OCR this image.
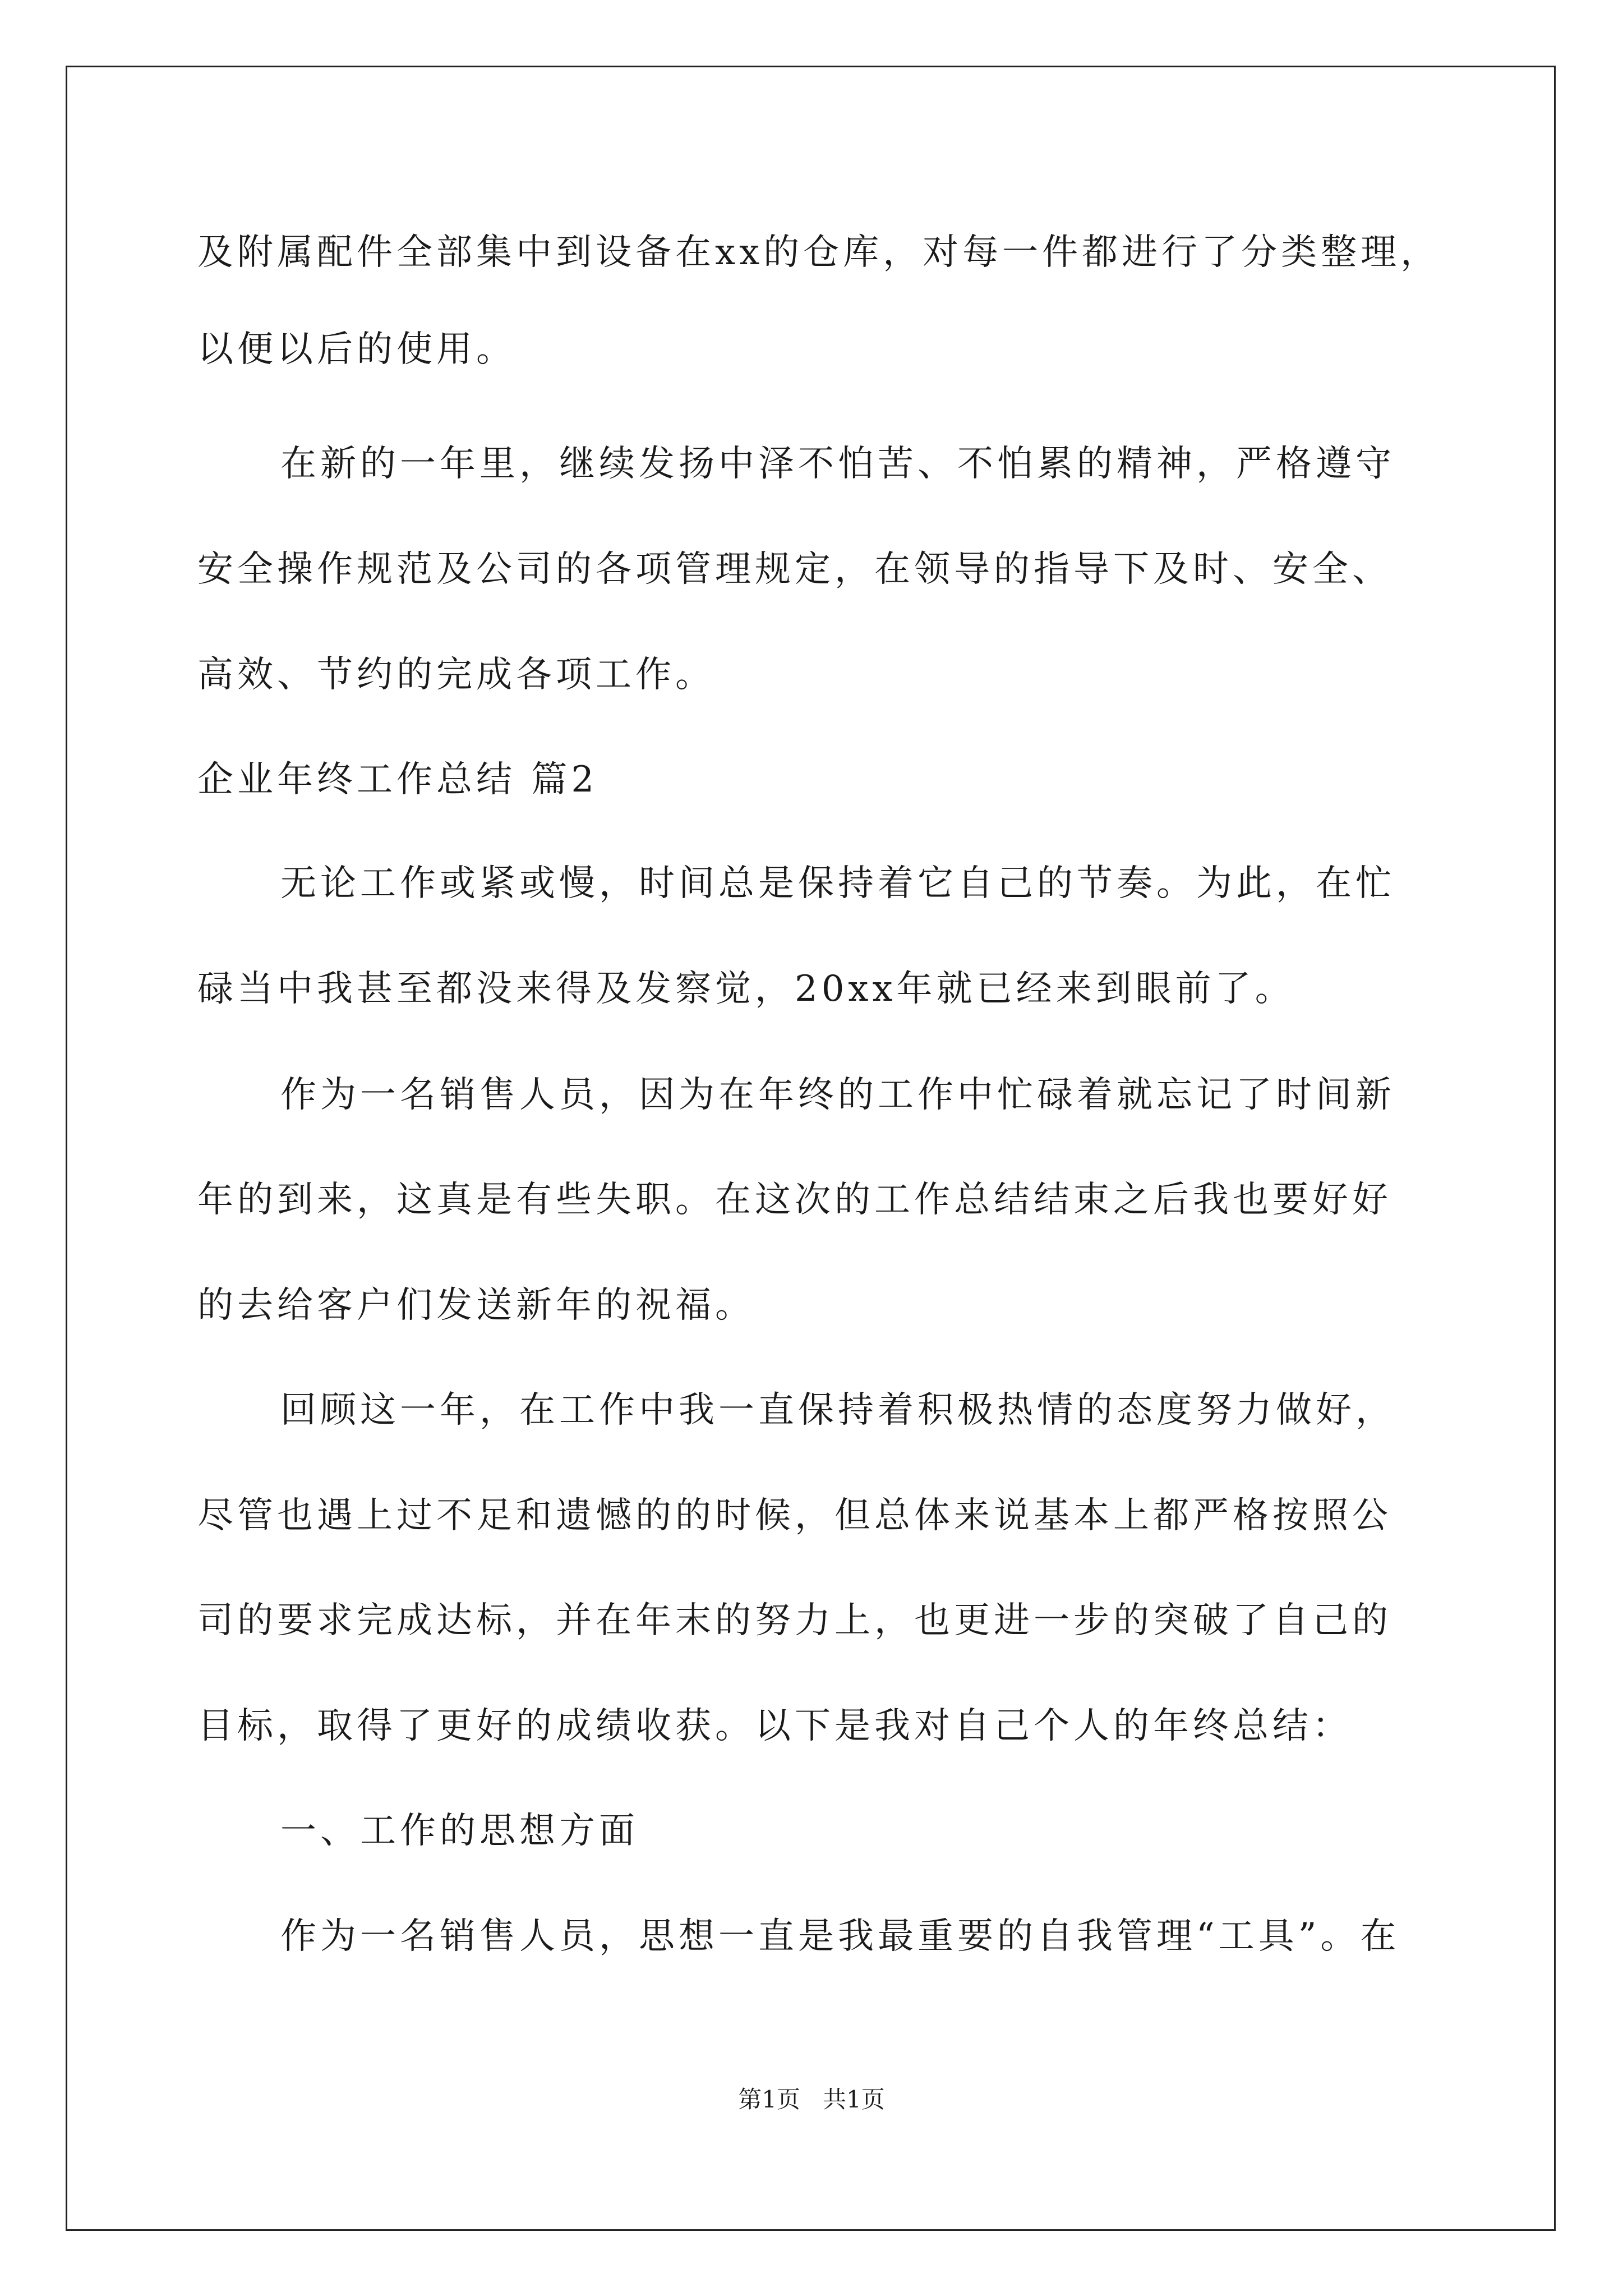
及附属配件全部集中到设备在xx的仓库，对每一件都进行了分类整理，
以便以后的使用。
在新的一年里，继续发扬中泽不怕苦、不怕累的精神，严格遵守
安全操作规范及公司的各项管理规定，在领导的指导下及时、安全、
高效、节约的完成各项工作。
企业年终工作总结 篇2
无论工作或紧或慢，时间总是保持着它自己的节奏。为此，在忙
碌当中我甚至都没来得及发察觉，20xx年就已经来到眼前了。
作为一名销售人员，因为在年终的工作中忙碌着就忘记了时间新
年的到来，这真是有些失职。在这次的工作总结结束之后我也要好好
的去给客户们发送新年的祝福。
回顾这一年，在工作中我一直保持着积极热情的态度努力做好，
尽管也遇上过不足和遗憾的的时候，但总体来说基本上都严格按照公
司的要求完成达标，并在年末的努力上，也更进一步的突破了自己的
目标，取得了更好的成绩收获。以下是我对自己个人的年终总结：
一、工作的思想方面
作为一名销售人员，思想一直是我最重要的自我管理“工具”。在
第1页   共1页
